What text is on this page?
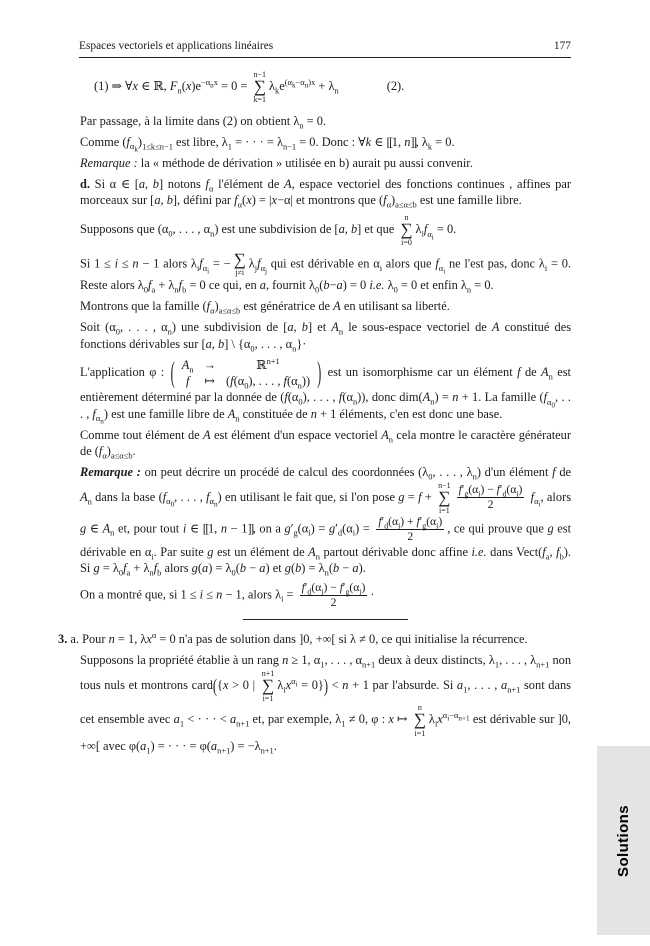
Espaces vectoriels et applications linéaires	177
(1) ⇒ ∀x ∈ ℝ, $F_n(x)e^{-\alpha_nx} = 0$ =
n−1
∑
k=1
$\lambda_ke^{(\alpha_k-\alpha_n)x} + \lambda_n$	(2).

Par passage, à la limite dans (2) on obtient $\lambda_n = 0$.

Comme $(f_{\alpha_k})_{1\le k\le n-1}$ est libre, $\lambda_1$ = · · · = $\lambda_{n-1} = 0$. Donc : ∀k ∈ [[1, n]], $\lambda_k = 0$.

Remarque : la « méthode de dérivation » utilisée en b) aurait pu aussi convenir.

d. Si α ∈ [a, b] notons $f_\alpha$ l'élément de A, espace vectoriel des fonctions continues , affines par morceaux sur [a, b], défini par $f_\alpha(x) = |x-\alpha|$ et montrons que $(f_\alpha)_{a\le\alpha\le b}$ est une famille libre.

Supposons que ($\alpha_0$, . . . , $\alpha_n$) est une subdivision de [a, b] et que
n
∑
i=0
$\lambda_if_{\alpha_i} = 0$.

Si 1 ≤ i ≤ n − 1 alors $\lambda_if_{\alpha_i}$ = − ∑
j≠i
$\lambda_jf_{\alpha_j}$ qui est dérivable en $\alpha_i$ alors que $f_{\alpha_i}$ ne l'est pas, donc $\lambda_i = 0$. Reste alors $\lambda_0f_a + \lambda_nf_b = 0$ ce qui, en a, fournit $\lambda_0(b-a) = 0$ i.e. $\lambda_0 = 0$ et enfin $\lambda_n = 0$.

Montrons que la famille $(f_\alpha)_{a\le\alpha\le b}$ est génératrice de A en utilisant sa liberté.

Soit ($\alpha_0$, . . . , $\alpha_n$) une subdivision de [a, b] et $A_n$ le sous-espace vectoriel de A constitué des fonctions dérivables sur [a, b] \ {$\alpha_0$, . . . , $\alpha_n\}\cdot$

L'application φ : ( $A_n$	→	ℝ$^{n+1}$
f	↦	($f(\alpha_0)$, . . . , $f(\alpha_n)$) ) est un isomorphisme car un élément f de $A_n$ est entièrement déterminé par la donnée de ($f(\alpha_0)$, . . . , $f(\alpha_n)$), donc $dim(A_n) = n + 1$. La famille ($f_{\alpha_0}$, . . . , $f_{\alpha_n}$) est une famille libre de $A_n$ constituée de n + 1 éléments, c'en est donc une base.

Comme tout élément de A est élément d'un espace vectoriel $A_n$ cela montre le caractère générateur de $(f_\alpha)_{a\le\alpha\le b}$.

Remarque : on peut décrire un procédé de calcul des coordonnées ($\lambda_0$, . . . , $\lambda_n$) d'un élément f de $A_n$ dans la base ($f_{\alpha_0}$, . . . , $f_{\alpha_n}$) en utilisant le fait que, si l'on pose g = f +
n−1
∑
$i=1 \frac{f'_g(\alpha_i) - f'_d(\alpha_i)}{2} f_{\alpha_i}$, alors g ∈ $A_n$ et, pour tout i ∈ [[1, n − 1]], on a $g'_g(\alpha_i) = g'_d(\alpha_i) = \frac{f'_d(\alpha_i) + f'_g(\alpha_i)}{2}$ , ce qui prouve que g est dérivable en $\alpha_i$. Par suite g est un élément de $A_n$ partout dérivable donc affine i.e. dans $Vect(f_a$, $f_b$). Si $g = \lambda_0f_a + \lambda_nf_b$ alors $g(a) = \lambda_0(b - a)$ et $g(b) = \lambda_n(b - a)$.

On a montré que, si 1 ≤ i ≤ n − 1, alors $\lambda_i = \frac{f'_d(\alpha_i) - f'_g(\alpha_i)}{2}$ ·

3. a. Pour n = 1, $\lambda x^\alpha = 0$ n'a pas de solution dans ]0, +∞[ si λ ≠ 0, ce qui initialise la récurrence.

Supposons la propriété établie à un rang n ≥ 1, $\alpha_1$, . . . , $\alpha_{n+1}$ deux à deux distincts, $\lambda_1$, . . . , $\lambda_{n+1}$ non tous nuls et montrons card({x > 0 |
n+1
∑
i=1
$\lambda_ix^{\alpha_i} = 0\}) < n + 1$ par l'absurde. Si $a_1$, . . . , $a_{n+1}$ sont dans cet ensemble avec $a_1$ < · · · < $a_{n+1}$ et, par exemple, $\lambda_1 \ne 0$, φ : x ↦
n
∑
i=1
$\lambda_ix^{\alpha_i-\alpha_{n+1}}$ est dérivable sur ]0, +∞[ avec $\varphi(a_1)$ = · · · = $\varphi(a_{n+1}) = -\lambda_{n+1}$.

Solutions
